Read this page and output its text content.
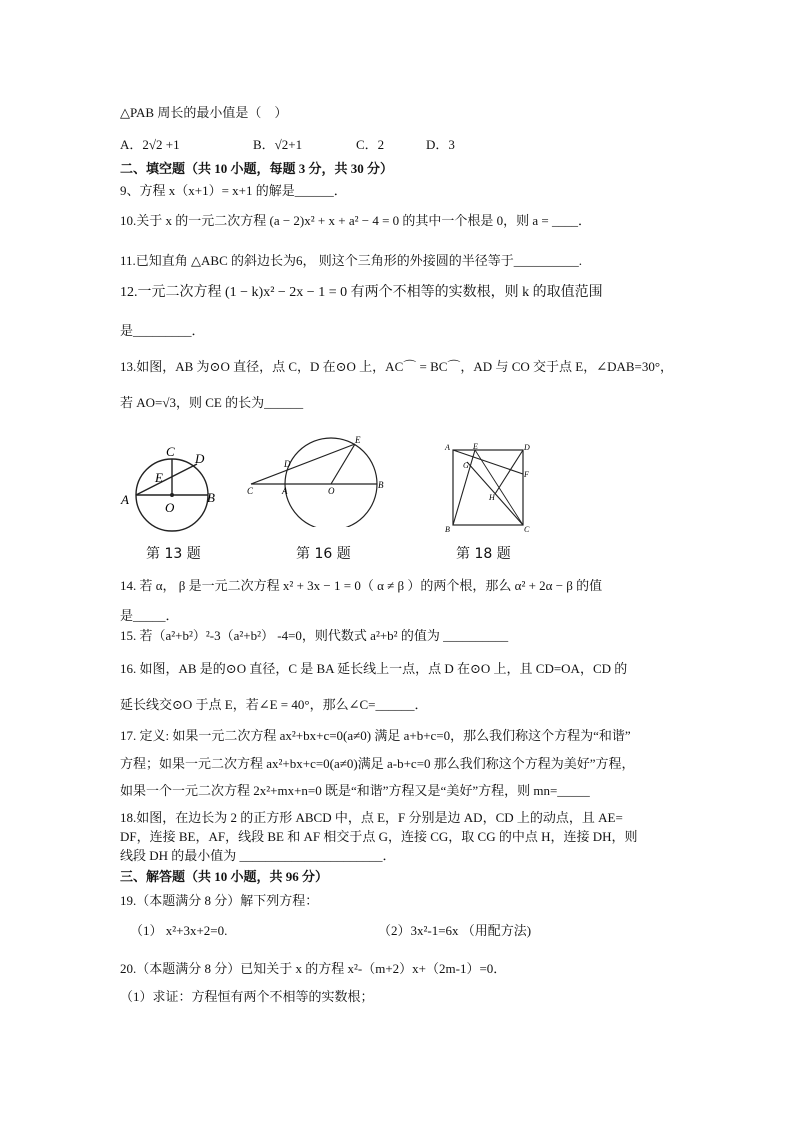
△PAB 周长的最小值是（　）
A．2√2 +1	B．√2+1	C．2	D．3
二、填空题（共 10 小题，每题 3 分，共 30 分）
9、方程 x（x+1）= x+1 的解是______．
10.关于 x 的一元二次方程 (a − 2)x² + x + a² − 4 = 0 的其中一个根是 0，则 a = ____．
11.已知直角 △ABC 的斜边长为6， 则这个三角形的外接圆的半径等于__________.
12.一元二次方程 (1 − k)x² − 2x − 1 = 0 有两个不相等的实数根，则 k 的取值范围
是_________．
13.如图，AB 为⊙O 直径，点 C，D 在⊙O 上，AC⌒ = BC⌒，AD 与 CO 交于点 E，∠DAB=30°，
若 AO=√3，则 CE 的长为______
C D
E
A
O
B
E
D
C	A	O
B
A	E	D
G
F
H
B	C
第 13 题	第 16 题	第 18 题
14. 若 α， β 是一元二次方程 x² + 3x − 1 = 0（ α ≠ β ）的两个根，那么 α² + 2α − β 的值
是_____．
15. 若（a²+b²）²-3（a²+b²） -4=0，则代数式 a²+b² 的值为 __________
16. 如图，AB 是的⊙O 直径，C 是 BA 延长线上一点，点 D 在⊙O 上，且 CD=OA，CD 的
延长线交⊙O 于点 E，若∠E = 40°，那么∠C=______．
17. 定义: 如果一元二次方程 ax²+bx+c=0(a≠0) 满足 a+b+c=0，那么我们称这个方程为“和谐”
方程；如果一元二次方程 ax²+bx+c=0(a≠0)满足 a-b+c=0 那么我们称这个方程为美好”方程，
如果一个一元二次方程 2x²+mx+n=0 既是“和谐”方程又是“美好”方程，则 mn=_____
18.如图，在边长为 2 的正方形 ABCD 中，点 E，F 分别是边 AD，CD 上的动点，且 AE=
DF，连接 BE，AF，线段 BE 和 AF 相交于点 G，连接 CG，取 CG 的中点 H，连接 DH，则
线段 DH 的最小值为 ______________________．
三、解答题（共 10 小题，共 96 分）
19.（本题满分 8 分）解下列方程：
（1） x²+3x+2=0.	（2）3x²-1=6x （用配方法)
20.（本题满分 8 分）已知关于 x 的方程 x²-（m+2）x+（2m-1）=0．
（1）求证：方程恒有两个不相等的实数根；
